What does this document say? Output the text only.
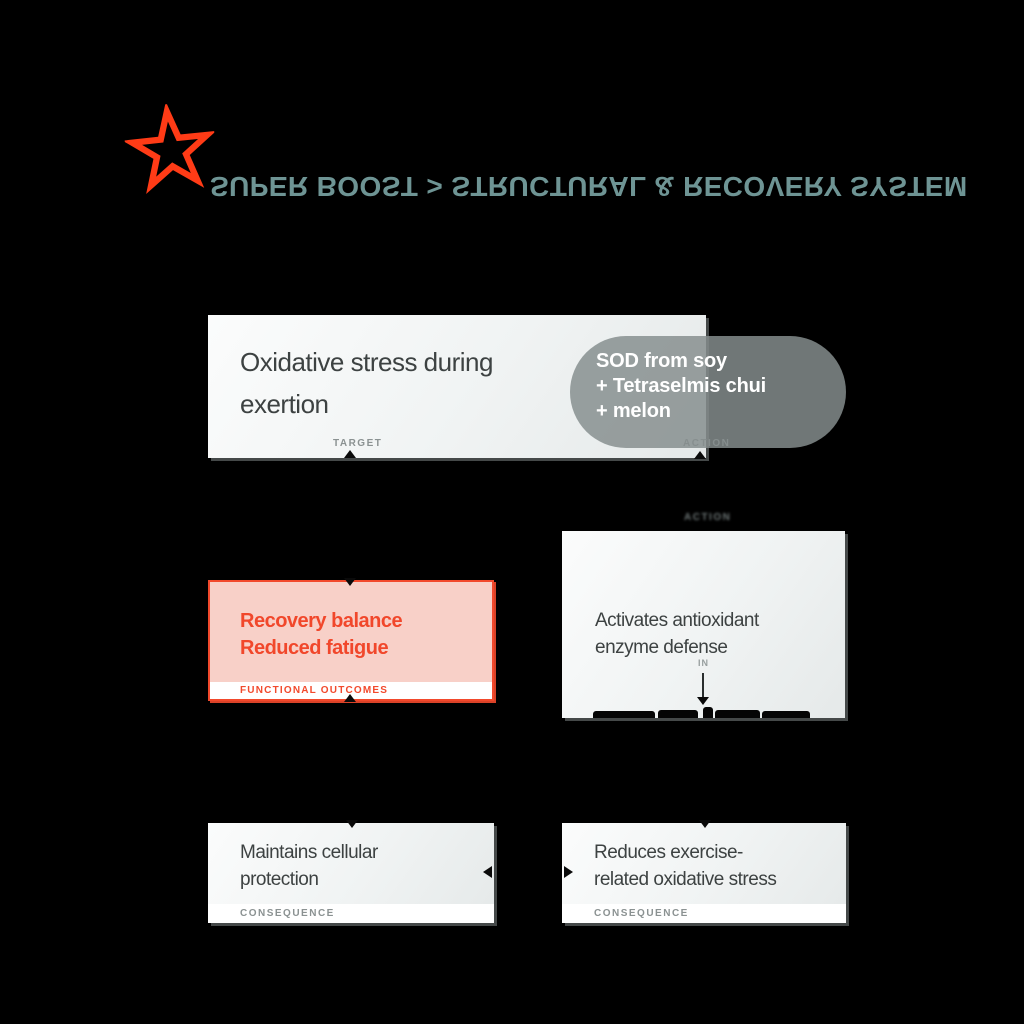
SUPER BOOST > STRUCTURAL & RECOVERY SYSTEM
Oxidative stress during
exertion
TARGET
SOD from soy
+ Tetraselmis chui
+ melon
ACTION
Activates antioxidant
enzyme defense
IN
Recovery balance
Reduced fatigue
FUNCTIONAL OUTCOMES
Maintains cellular
protection
CONSEQUENCE
Reduces exercise-
related oxidative stress
CONSEQUENCE
